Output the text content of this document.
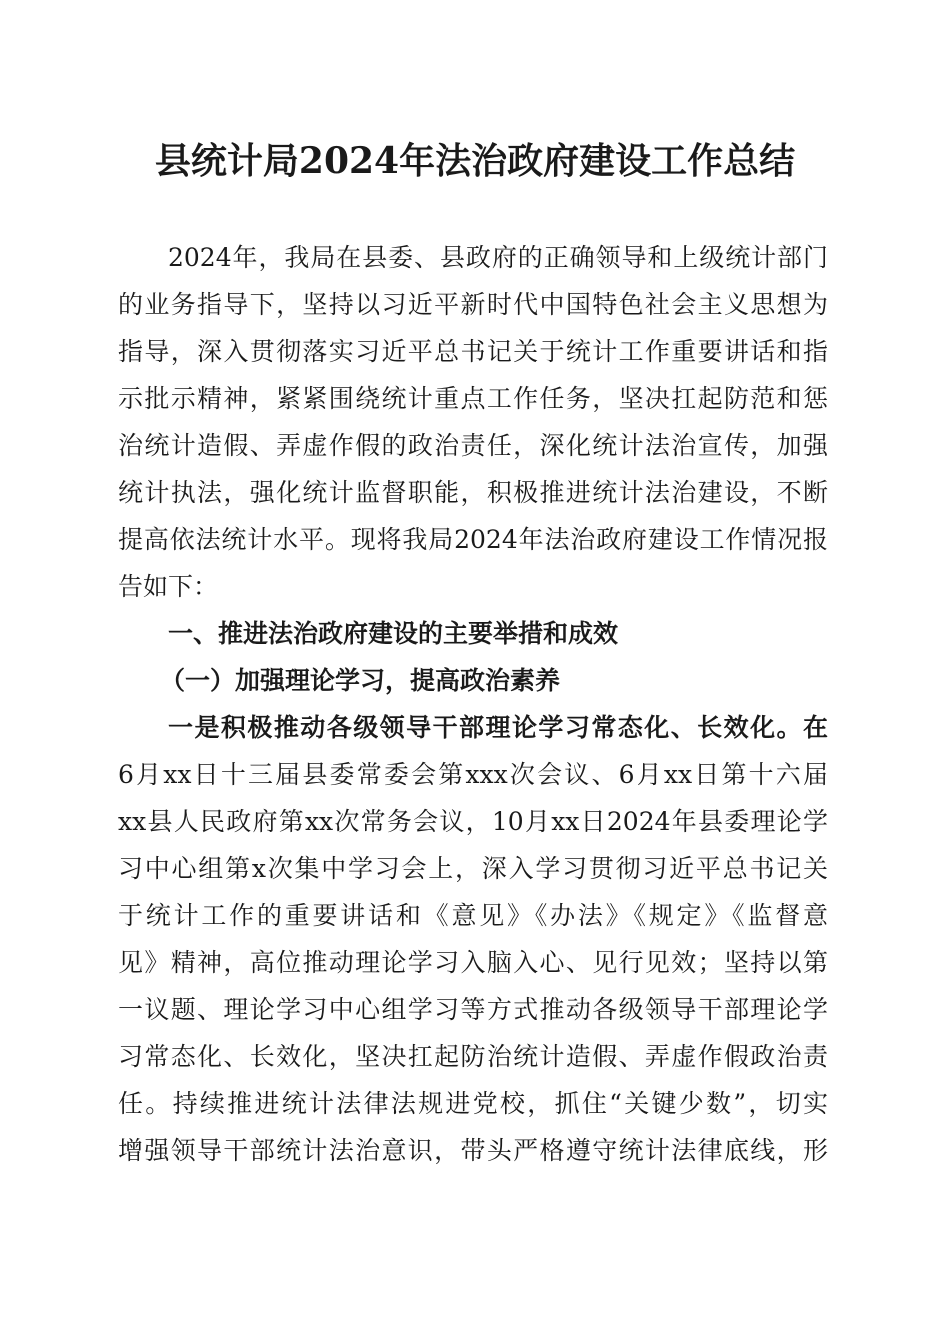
县统计局2024年法治政府建设工作总结
2024年，我局在县委、县政府的正确领导和上级统计部门
的业务指导下，坚持以习近平新时代中国特色社会主义思想为
指导，深入贯彻落实习近平总书记关于统计工作重要讲话和指
示批示精神，紧紧围绕统计重点工作任务，坚决扛起防范和惩
治统计造假、弄虚作假的政治责任，深化统计法治宣传，加强
统计执法，强化统计监督职能，积极推进统计法治建设，不断
提高依法统计水平。现将我局2024年法治政府建设工作情况报
告如下：
一、推进法治政府建设的主要举措和成效
（一）加强理论学习，提高政治素养
一是积极推动各级领导干部理论学习常态化、长效化。在
6月xx日十三届县委常委会第xxx次会议、6月xx日第十六届
xx县人民政府第xx次常务会议，10月xx日2024年县委理论学
习中心组第x次集中学习会上，深入学习贯彻习近平总书记关
于统计工作的重要讲话和《意见》《办法》《规定》《监督意
见》精神，高位推动理论学习入脑入心、见行见效；坚持以第
一议题、理论学习中心组学习等方式推动各级领导干部理论学
习常态化、长效化，坚决扛起防治统计造假、弄虚作假政治责
任。持续推进统计法律法规进党校，抓住“关键少数”，切实
增强领导干部统计法治意识，带头严格遵守统计法律底线，形
